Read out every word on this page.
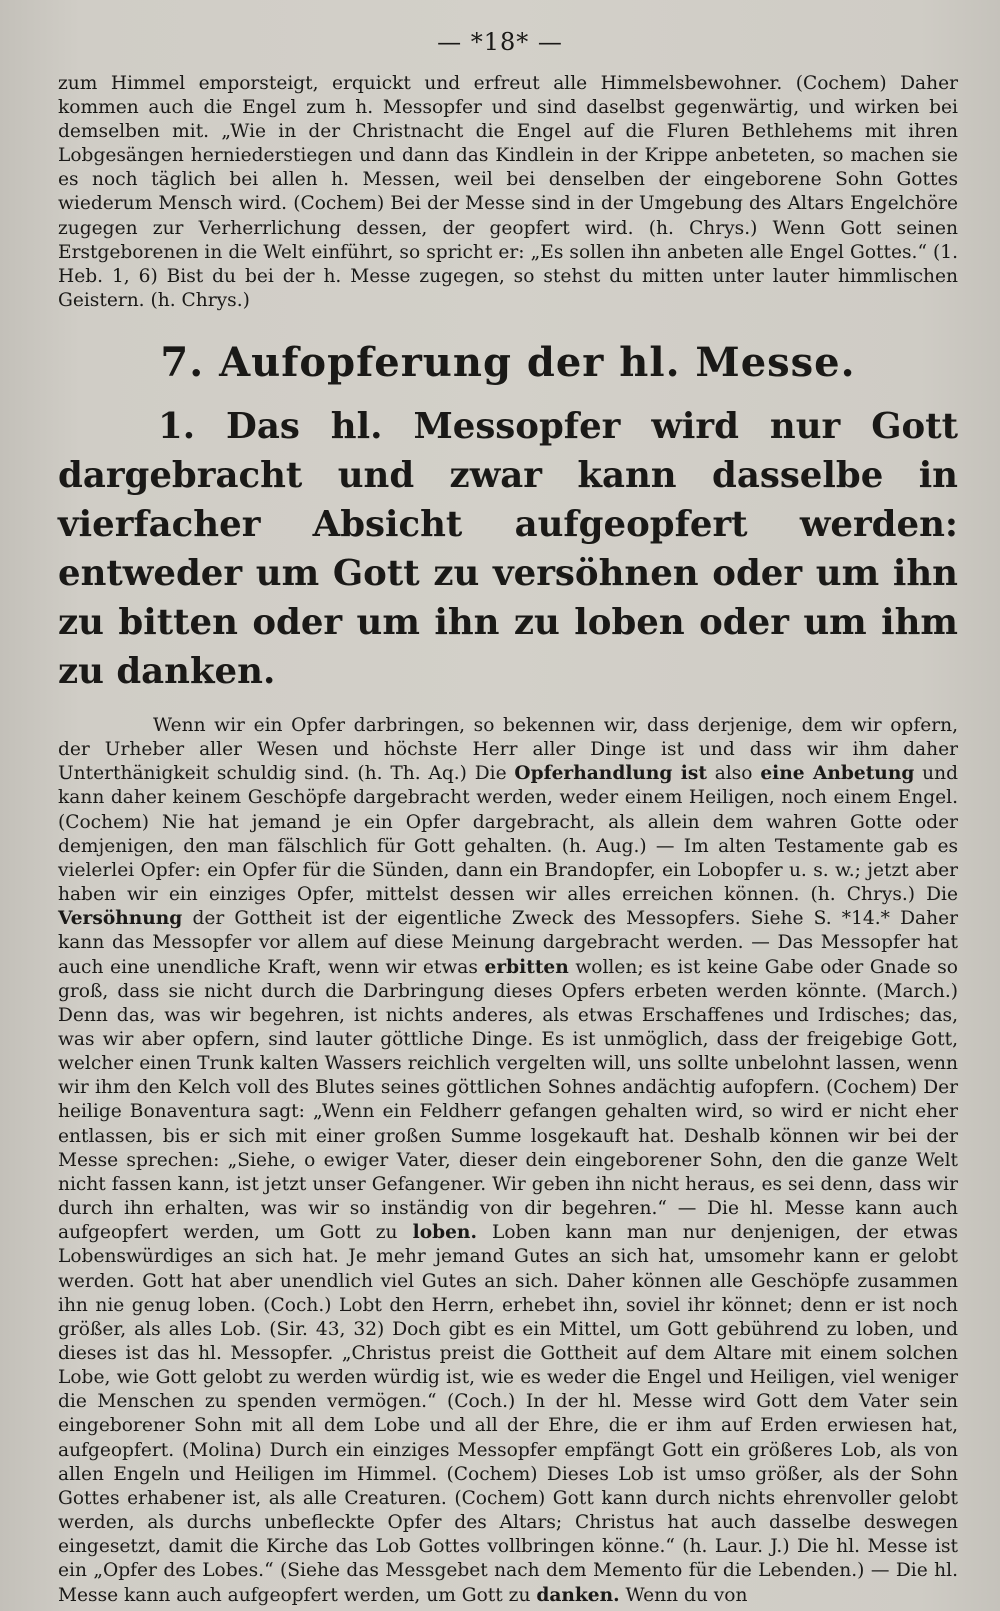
— *18* —

zum Himmel emporsteigt, erquickt und erfreut alle Himmelsbewohner. (Cochem) Daher kommen auch die Engel zum h. Messopfer und sind daselbst gegenwärtig, und wirken bei demselben mit. „Wie in der Christnacht die Engel auf die Fluren Bethlehems mit ihren Lobgesängen herniederstiegen und dann das Kindlein in der Krippe anbeteten, so machen sie es noch täglich bei allen h. Messen, weil bei denselben der eingeborene Sohn Gottes wiederum Mensch wird. (Cochem) Bei der Messe sind in der Umgebung des Altars Engelchöre zugegen zur Verherrlichung dessen, der geopfert wird. (h. Chrys.) Wenn Gott seinen Erstgeborenen in die Welt einführt, so spricht er: „Es sollen ihn anbeten alle Engel Gottes.“ (1. Heb. 1, 6) Bist du bei der h. Messe zugegen, so stehst du mitten unter lauter himmlischen Geistern. (h. Chrys.)

7. Aufopferung der hl. Messe.

1. Das hl. Messopfer wird nur Gott dargebracht und zwar kann dasselbe in vierfacher Absicht aufgeopfert werden: entweder um Gott zu versöhnen oder um ihn zu bitten oder um ihn zu loben oder um ihm zu danken.

Wenn wir ein Opfer darbringen, so bekennen wir, dass derjenige, dem wir opfern, der Urheber aller Wesen und höchste Herr aller Dinge ist und dass wir ihm daher Unterthänigkeit schuldig sind. (h. Th. Aq.) Die Opferhandlung ist also eine Anbetung und kann daher keinem Geschöpfe dargebracht werden, weder einem Heiligen, noch einem Engel. (Cochem) Nie hat jemand je ein Opfer dargebracht, als allein dem wahren Gotte oder demjenigen, den man fälschlich für Gott gehalten. (h. Aug.) — Im alten Testamente gab es vielerlei Opfer: ein Opfer für die Sünden, dann ein Brandopfer, ein Lobopfer u. s. w.; jetzt aber haben wir ein einziges Opfer, mittelst dessen wir alles erreichen können. (h. Chrys.) Die Versöhnung der Gottheit ist der eigentliche Zweck des Messopfers. Siehe S. *14.* Daher kann das Messopfer vor allem auf diese Meinung dargebracht werden. — Das Messopfer hat auch eine unendliche Kraft, wenn wir etwas erbitten wollen; es ist keine Gabe oder Gnade so groß, dass sie nicht durch die Darbringung dieses Opfers erbeten werden könnte. (March.) Denn das, was wir begehren, ist nichts anderes, als etwas Erschaffenes und Irdisches; das, was wir aber opfern, sind lauter göttliche Dinge. Es ist unmöglich, dass der freigebige Gott, welcher einen Trunk kalten Wassers reichlich vergelten will, uns sollte unbelohnt lassen, wenn wir ihm den Kelch voll des Blutes seines göttlichen Sohnes andächtig aufopfern. (Cochem) Der heilige Bonaventura sagt: „Wenn ein Feldherr gefangen gehalten wird, so wird er nicht eher entlassen, bis er sich mit einer großen Summe losgekauft hat. Deshalb können wir bei der Messe sprechen: „Siehe, o ewiger Vater, dieser dein eingeborener Sohn, den die ganze Welt nicht fassen kann, ist jetzt unser Gefangener. Wir geben ihn nicht heraus, es sei denn, dass wir durch ihn erhalten, was wir so inständig von dir begehren.“ — Die hl. Messe kann auch aufgeopfert werden, um Gott zu loben. Loben kann man nur denjenigen, der etwas Lobenswürdiges an sich hat. Je mehr jemand Gutes an sich hat, umsomehr kann er gelobt werden. Gott hat aber unendlich viel Gutes an sich. Daher können alle Geschöpfe zusammen ihn nie genug loben. (Coch.) Lobt den Herrn, erhebet ihn, soviel ihr könnet; denn er ist noch größer, als alles Lob. (Sir. 43, 32) Doch gibt es ein Mittel, um Gott gebührend zu loben, und dieses ist das hl. Messopfer. „Christus preist die Gottheit auf dem Altare mit einem solchen Lobe, wie Gott gelobt zu werden würdig ist, wie es weder die Engel und Heiligen, viel weniger die Menschen zu spenden vermögen.“ (Coch.) In der hl. Messe wird Gott dem Vater sein eingeborener Sohn mit all dem Lobe und all der Ehre, die er ihm auf Erden erwiesen hat, aufgeopfert. (Molina) Durch ein einziges Messopfer empfängt Gott ein größeres Lob, als von allen Engeln und Heiligen im Himmel. (Cochem) Dieses Lob ist umso größer, als der Sohn Gottes erhabener ist, als alle Creaturen. (Cochem) Gott kann durch nichts ehrenvoller gelobt werden, als durchs unbefleckte Opfer des Altars; Christus hat auch dasselbe deswegen eingesetzt, damit die Kirche das Lob Gottes vollbringen könne.“ (h. Laur. J.) Die hl. Messe ist ein „Opfer des Lobes.“ (Siehe das Messgebet nach dem Memento für die Lebenden.) — Die hl. Messe kann auch aufgeopfert werden, um Gott zu danken. Wenn du von
